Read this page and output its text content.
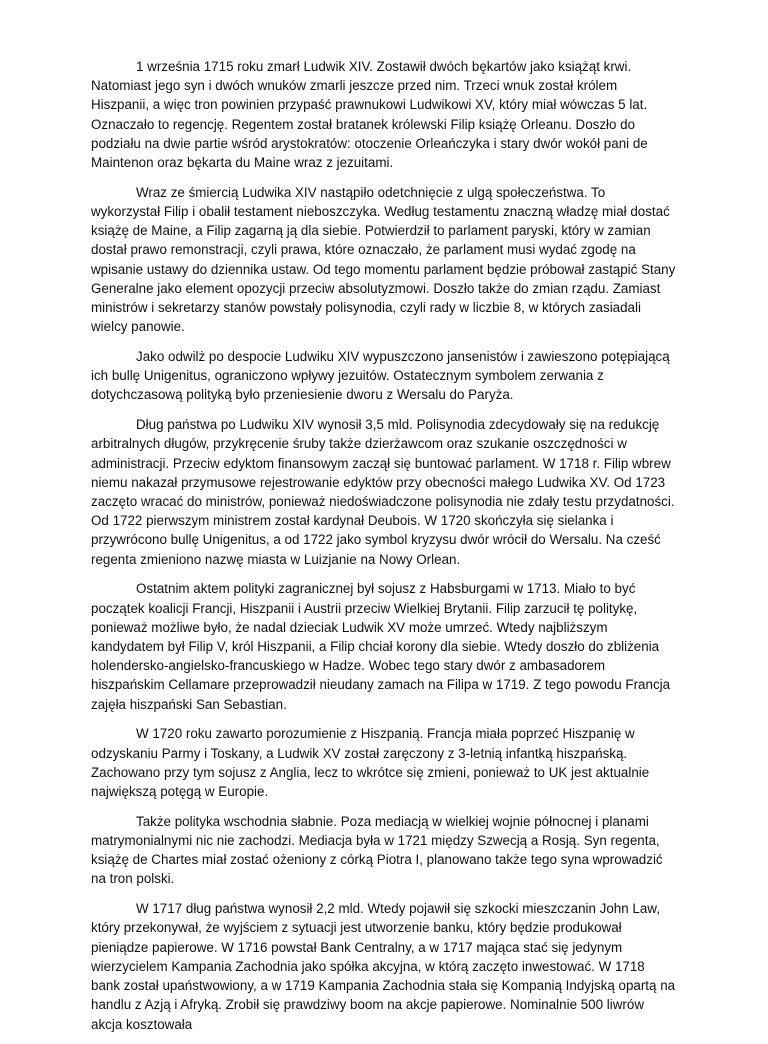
1 września 1715 roku zmarł Ludwik XIV. Zostawił dwóch bękartów jako książąt krwi. Natomiast jego syn i dwóch wnuków zmarli jeszcze przed nim. Trzeci wnuk został królem Hiszpanii, a więc tron powinien przypaść prawnukowi Ludwikowi XV, który miał wówczas 5 lat. Oznaczało to regencję. Regentem został bratanek królewski Filip książę Orleanu. Doszło do podziału na dwie partie wśród arystokratów: otoczenie Orleańczyka i stary dwór wokół pani de Maintenon oraz bękarta du Maine wraz z jezuitami.

Wraz ze śmiercią Ludwika XIV nastąpiło odetchnięcie z ulgą społeczeństwa. To wykorzystał Filip i obalił testament nieboszczyka. Według testamentu znaczną władzę miał dostać książę de Maine, a Filip zagarną ją dla siebie. Potwierdził to parlament paryski, który w zamian dostał prawo remonstracji, czyli prawa, które oznaczało, że parlament musi wydać zgodę na wpisanie ustawy do dziennika ustaw. Od tego momentu parlament będzie próbował zastąpić Stany Generalne jako element opozycji przeciw absolutyzmowi. Doszło także do zmian rządu. Zamiast ministrów i sekretarzy stanów powstały polisynodia, czyli rady w liczbie 8, w których zasiadali wielcy panowie.

Jako odwilż po despocie Ludwiku XIV wypuszczono jansenistów i zawieszono potępiającą ich bullę Unigenitus, ograniczono wpływy jezuitów. Ostatecznym symbolem zerwania z dotychczasową polityką było przeniesienie dworu z Wersalu do Paryża.

Dług państwa po Ludwiku XIV wynosił 3,5 mld. Polisynodia zdecydowały się na redukcję arbitralnych długów, przykręcenie śruby także dzierżawcom oraz szukanie oszczędności w administracji. Przeciw edyktom finansowym zaczął się buntować parlament. W 1718 r. Filip wbrew niemu nakazał przymusowe rejestrowanie edyktów przy obecności małego Ludwika XV. Od 1723 zaczęto wracać do ministrów, ponieważ niedoświadczone polisynodia nie zdały testu przydatności. Od 1722 pierwszym ministrem został kardynał Deubois. W 1720 skończyła się sielanka i przywrócono bullę Unigenitus, a od 1722 jako symbol kryzysu dwór wrócił do Wersalu. Na cześć regenta zmieniono nazwę miasta w Luizjanie na Nowy Orlean.

Ostatnim aktem polityki zagranicznej był sojusz z Habsburgami w 1713. Miało to być początek koalicji Francji, Hiszpanii i Austrii przeciw Wielkiej Brytanii. Filip zarzucił tę politykę, ponieważ możliwe było, że nadal dzieciak Ludwik XV może umrzeć. Wtedy najbliższym kandydatem był Filip V, król Hiszpanii, a Filip chciał korony dla siebie. Wtedy doszło do zbliżenia holendersko-angielsko-francuskiego w Hadze. Wobec tego stary dwór z ambasadorem hiszpańskim Cellamare przeprowadził nieudany zamach na Filipa w 1719. Z tego powodu Francja zajęła hiszpański San Sebastian.

W 1720 roku zawarto porozumienie z Hiszpanią. Francja miała poprzeć Hiszpanię w odzyskaniu Parmy i Toskany, a Ludwik XV został zaręczony z 3-letnią infantką hiszpańską. Zachowano przy tym sojusz z Anglia, lecz to wkrótce się zmieni, ponieważ to UK jest aktualnie największą potęgą w Europie.

Także polityka wschodnia słabnie. Poza mediacją w wielkiej wojnie północnej i planami matrymonialnymi nic nie zachodzi. Mediacja była w 1721 między Szwecją a Rosją. Syn regenta, książę de Chartes miał zostać ożeniony z córką Piotra I, planowano także tego syna wprowadzić na tron polski.

W 1717 dług państwa wynosił 2,2 mld. Wtedy pojawił się szkocki mieszczanin John Law, który przekonywał, że wyjściem z sytuacji jest utworzenie banku, który będzie produkował pieniądze papierowe. W 1716 powstał Bank Centralny, a w 1717 mająca stać się jedynym wierzycielem Kampania Zachodnia jako spółka akcyjna, w którą zaczęto inwestować. W 1718 bank został upaństwowiony, a w 1719 Kampania Zachodnia stała się Kompanią Indyjską opartą na handlu z Azją i Afryką. Zrobił się prawdziwy boom na akcje papierowe. Nominalnie 500 liwrów akcja kosztowała
